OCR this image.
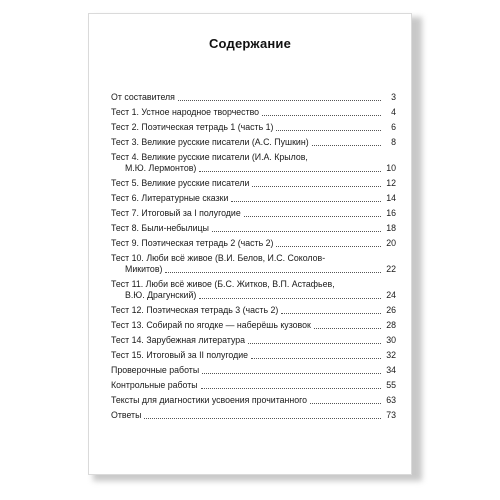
Содержание
От составителя	3
Тест 1. Устное народное творчество	4
Тест 2. Поэтическая тетрадь 1 (часть 1)	6
Тест 3. Великие русские писатели (А.С. Пушкин)	8
Тест 4. Великие русские писатели (И.А. Крылов,
М.Ю. Лермонтов)	10
Тест 5. Великие русские писатели	12
Тест 6. Литературные сказки	14
Тест 7. Итоговый за I полугодие	16
Тест 8. Были-небылицы	18
Тест 9. Поэтическая тетрадь 2 (часть 2)	20
Тест 10. Люби всё живое (В.И. Белов, И.С. Соколов-
Микитов)	22
Тест 11. Люби всё живое (Б.С. Житков, В.П. Астафьев,
В.Ю. Драгунский)	24
Тест 12. Поэтическая тетрадь 3 (часть 2)	26
Тест 13. Собирай по ягодке — наберёшь кузовок	28
Тест 14. Зарубежная литература	30
Тест 15. Итоговый за II полугодие	32
Проверочные работы	34
Контрольные работы	55
Тексты для диагностики усвоения прочитанного	63
Ответы	73
